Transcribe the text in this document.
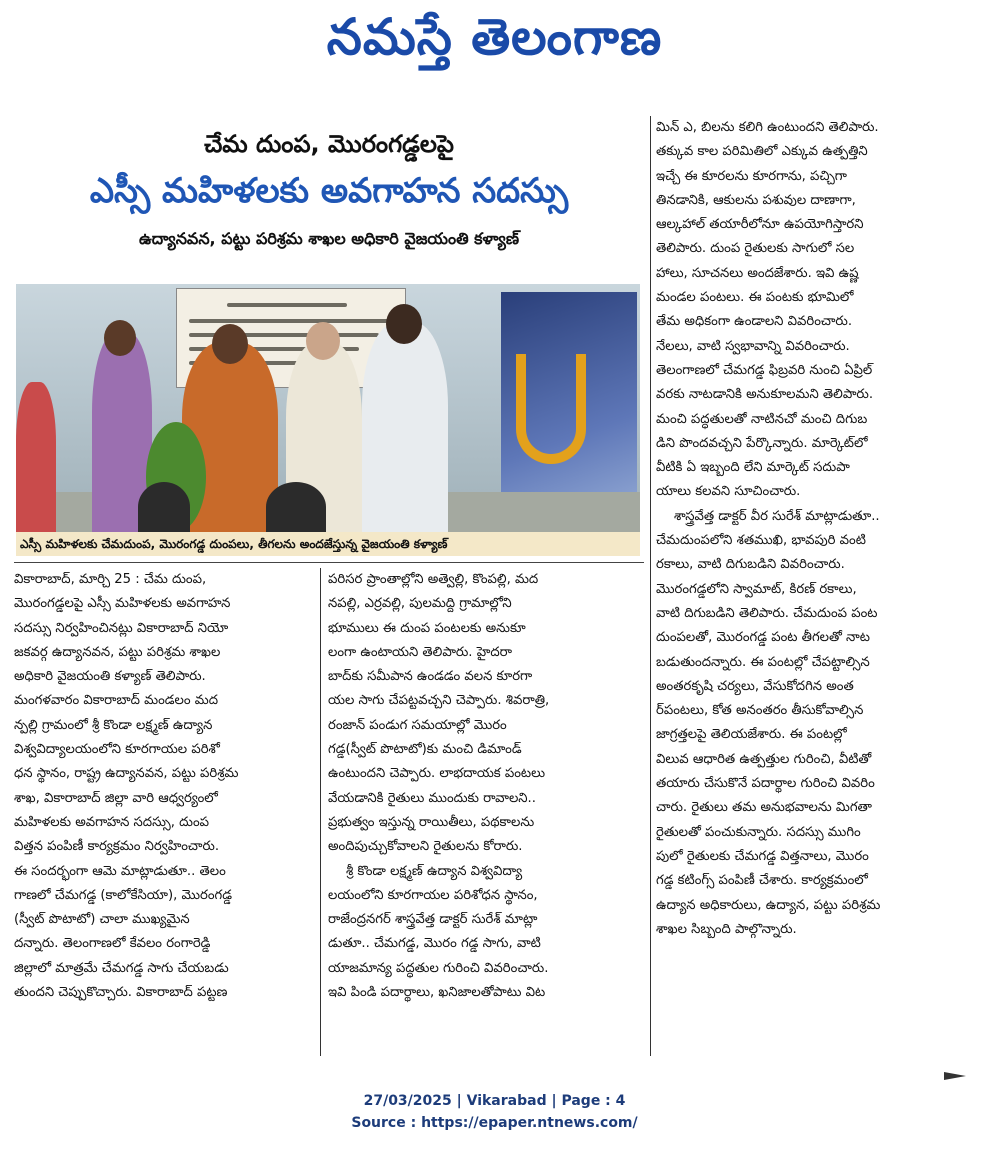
నమస్తే తెలంగాణ
చేమ దుంప, మొరంగడ్డలపై
ఎస్సీ మహిళలకు అవగాహన సదస్సు
ఉద్యానవన, పట్టు పరిశ్రమ శాఖల అధికారి వైజయంతి కళ్యాణ్
ఎస్సీ మహిళలకు చేమదుంప, మొరంగడ్డ దుంపలు, తీగలను అందజేస్తున్న వైజయంతి కళ్యాణ్

వికారాబాద్, మార్చి 25 : చేమ దుంప,

మొరంగడ్డలపై ఎస్సీ మహిళలకు అవగాహన

సదస్సు నిర్వహించినట్లు వికారాబాద్ నియో

జకవర్గ ఉద్యానవన, పట్టు పరిశ్రమ శాఖల

అధికారి వైజయంతి కళ్యాణ్ తెలిపారు.

మంగళవారం వికారాబాద్ మండలం మద

న్పల్లి గ్రామంలో శ్రీ కొండా లక్ష్మణ్ ఉద్యాన

విశ్వవిద్యాలయంలోని కూరగాయల పరిశో

ధన స్థానం, రాష్ట్ర ఉద్యానవన, పట్టు పరిశ్రమ

శాఖ, వికారాబాద్ జిల్లా వారి ఆధ్వర్యంలో

మహిళలకు అవగాహన సదస్సు, దుంప

విత్తన పంపిణీ కార్యక్రమం నిర్వహించారు.

ఈ సందర్భంగా ఆమె మాట్లాడుతూ.. తెలం

గాణలో చేమగడ్డ (కాలోకేసియా), మొరంగడ్డ

(స్వీట్ పొటాటో) చాలా ముఖ్యమైన

దన్నారు. తెలంగాణలో కేవలం రంగారెడ్డి

జిల్లాలో మాత్రమే చేమగడ్డ సాగు చేయబడు

తుందని చెప్పుకొచ్చారు. వికారాబాద్ పట్టణ

పరిసర ప్రాంతాల్లోని అత్వెల్లి, కొంపల్లి, మద

నపల్లి, ఎర్రవల్లి, పులమద్ది గ్రామాల్లోని

భూములు ఈ దుంప పంటలకు అనుకూ

లంగా ఉంటాయని తెలిపారు. హైదరా

బాద్‌కు సమీపాన ఉండడం వలన కూరగా

యల సాగు చేపట్టవచ్చని చెప్పారు. శివరాత్రి,

రంజాన్ పండుగ సమయాల్లో మొరం

గడ్డ(స్వీట్ పొటాటో)కు మంచి డిమాండ్

ఉంటుందని చెప్పారు. లాభదాయక పంటలు

వేయడానికి రైతులు ముందుకు రావాలని..

ప్రభుత్వం ఇస్తున్న రాయితీలు, పథకాలను

అందిపుచ్చుకోవాలని రైతులను కోరారు.

శ్రీ కొండా లక్ష్మణ్ ఉద్యాన విశ్వవిద్యా

లయంలోని కూరగాయల పరిశోధన స్థానం,

రాజేంద్రనగర్ శాస్త్రవేత్త డాక్టర్ సురేశ్ మాట్లా

డుతూ.. చేమగడ్డ, మొరం గడ్డ సాగు, వాటి

యాజమాన్య పద్ధతుల గురించి వివరించారు.

ఇవి పిండి పదార్థాలు, ఖనిజాలతోపాటు విట

మిన్ ఎ, బిలను కలిగి ఉంటుందని తెలిపారు.

తక్కువ కాల పరిమితిలో ఎక్కువ ఉత్పత్తిని

ఇచ్చే ఈ కూరలను కూరగాను, పచ్చిగా

తినడానికి, ఆకులను పశువుల దాణాగా,

ఆల్కహాల్ తయారీలోనూ ఉపయోగిస్తారని

తెలిపారు. దుంప రైతులకు సాగులో సల

హాలు, సూచనలు అందజేశారు. ఇవి ఉష్ణ

మండల పంటలు. ఈ పంటకు భూమిలో

తేమ అధికంగా ఉండాలని వివరించారు.

నేలలు, వాటి స్వభావాన్ని వివరించారు.

తెలంగాణలో చేమగడ్డ ఫిబ్రవరి నుంచి ఏప్రిల్

వరకు నాటడానికి అనుకూలమని తెలిపారు.

మంచి పద్ధతులతో నాటినచో మంచి దిగుబ

డిని పొందవచ్చని పేర్కొన్నారు. మార్కెట్‌లో

వీటికి ఏ ఇబ్బంది లేని మార్కెట్ సదుపా

యాలు కలవని సూచించారు.

శాస్త్రవేత్త డాక్టర్ వీర సురేశ్ మాట్లాడుతూ..

చేమదుంపలోని శతముఖి, భావపురి వంటి

రకాలు, వాటి దిగుబడిని వివరించారు.

మొరంగడ్డలోని స్వామాట్, కిరణ్ రకాలు,

వాటి దిగుబడిని తెలిపారు. చేమదుంప పంట

దుంపలతో, మొరంగడ్డ పంట తీగలతో నాట

బడుతుందన్నారు. ఈ పంటల్లో చేపట్టాల్సిన

అంతరకృషి చర్యలు, వేసుకోదగిన అంత

ర్‌పంటలు, కోత అనంతరం తీసుకోవాల్సిన

జాగ్రత్తలపై తెలియజేశారు. ఈ పంటల్లో

విలువ ఆధారిత ఉత్పత్తుల గురించి, వీటితో

తయారు చేసుకొనే పదార్థాల గురించి వివరిం

చారు. రైతులు తమ అనుభవాలను మిగతా

రైతులతో పంచుకున్నారు. సదస్సు ముగిం

పులో రైతులకు చేమగడ్డ విత్తనాలు, మొరం

గడ్డ కటింగ్స్ పంపిణీ చేశారు. కార్యక్రమంలో

ఉద్యాన అధికారులు, ఉద్యాన, పట్టు పరిశ్రమ

శాఖల సిబ్బంది పాల్గొన్నారు.

27/03/2025 | Vikarabad | Page : 4
Source : https://epaper.ntnews.com/
